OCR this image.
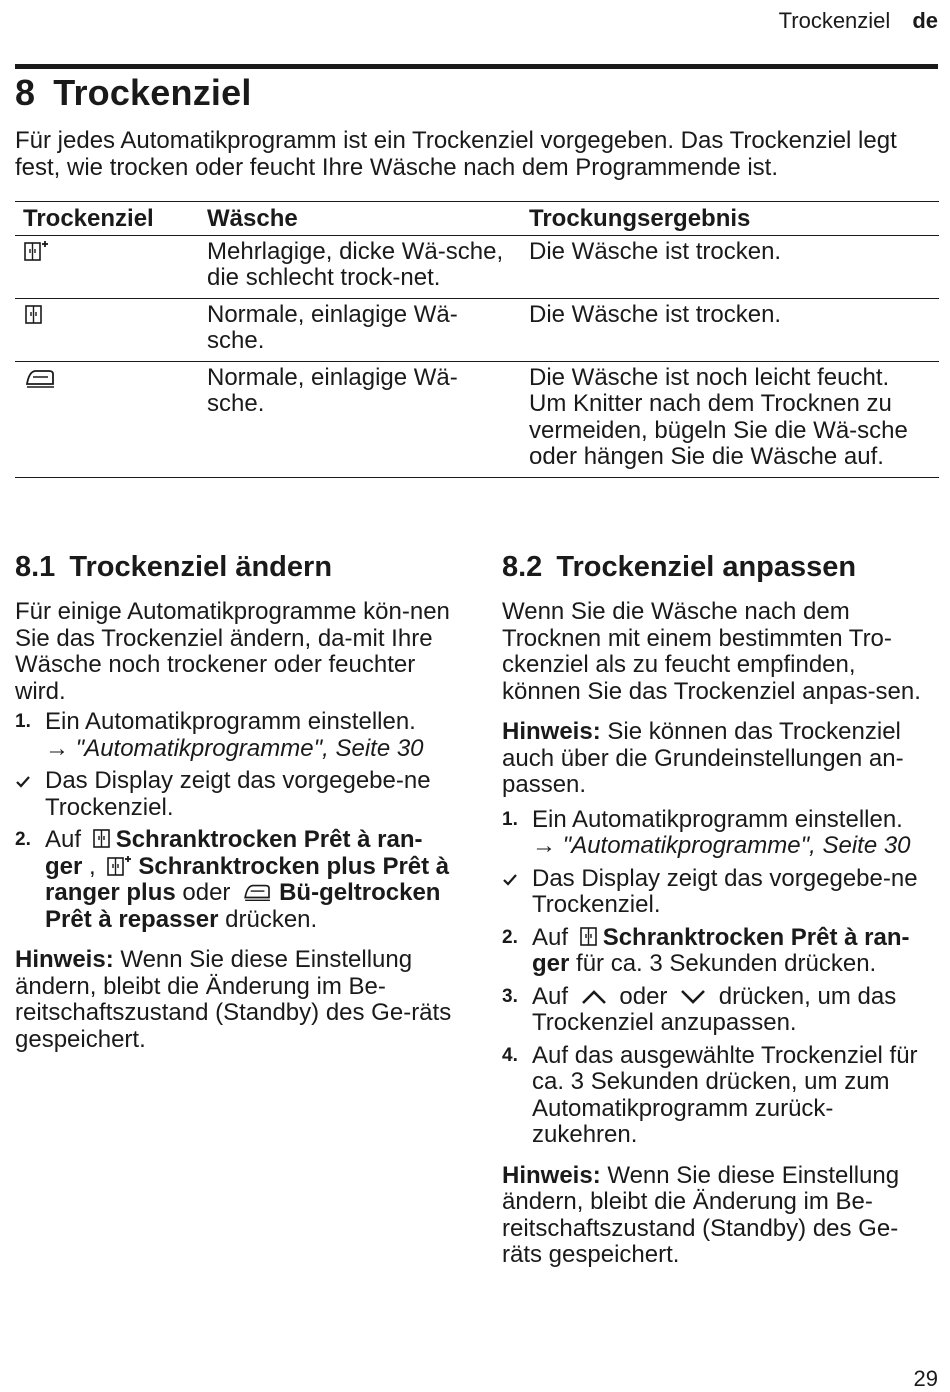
Trockenziel de
8 Trockenziel

Für jedes Automatikprogramm ist ein Trockenziel vorgegeben. Das Trockenziel legt fest, wie trocken oder feucht Ihre Wäsche nach dem Programmende ist.

Trockenziel	Wäsche	Trockungsergebnis
	Mehrlagige, dicke Wä-sche, die schlecht trock-net.	Die Wäsche ist trocken.
	Normale, einlagige Wä-sche.	Die Wäsche ist trocken.
	Normale, einlagige Wä-sche.	Die Wäsche ist noch leicht feucht. Um Knitter nach dem Trocknen zu vermeiden, bügeln Sie die Wä-sche oder hängen Sie die Wäsche auf.
8.1 Trockenziel ändern

Für einige Automatikprogramme kön-nen Sie das Trockenziel ändern, da-mit Ihre Wäsche noch trockener oder feuchter wird.

1. Ein Automatikprogramm einstellen.
→ "Automatikprogramme", Seite 30
Das Display zeigt das vorgegebe-ne Trockenziel.
2. Auf Schranktrocken Prêt à ran-ger , Schranktrocken plus Prêt à ranger plus oder Bü-geltrocken Prêt à repasser drücken.

Hinweis: Wenn Sie diese Einstellung ändern, bleibt die Änderung im Be-reitschaftszustand (Standby) des Ge-räts gespeichert.

8.2 Trockenziel anpassen

Wenn Sie die Wäsche nach dem Trocknen mit einem bestimmten Tro-ckenziel als zu feucht empfinden, können Sie das Trockenziel anpas-sen.

Hinweis: Sie können das Trockenziel auch über die Grundeinstellungen an-passen.

1. Ein Automatikprogramm einstellen.
→ "Automatikprogramme", Seite 30
Das Display zeigt das vorgegebe-ne Trockenziel.
2. Auf Schranktrocken Prêt à ran-ger für ca. 3 Sekunden drücken.
3. Auf oder drücken, um das Trockenziel anzupassen.
4. Auf das ausgewählte Trockenziel für ca. 3 Sekunden drücken, um zum Automatikprogramm zurück-zukehren.

Hinweis: Wenn Sie diese Einstellung ändern, bleibt die Änderung im Be-reitschaftszustand (Standby) des Ge-räts gespeichert.

29
